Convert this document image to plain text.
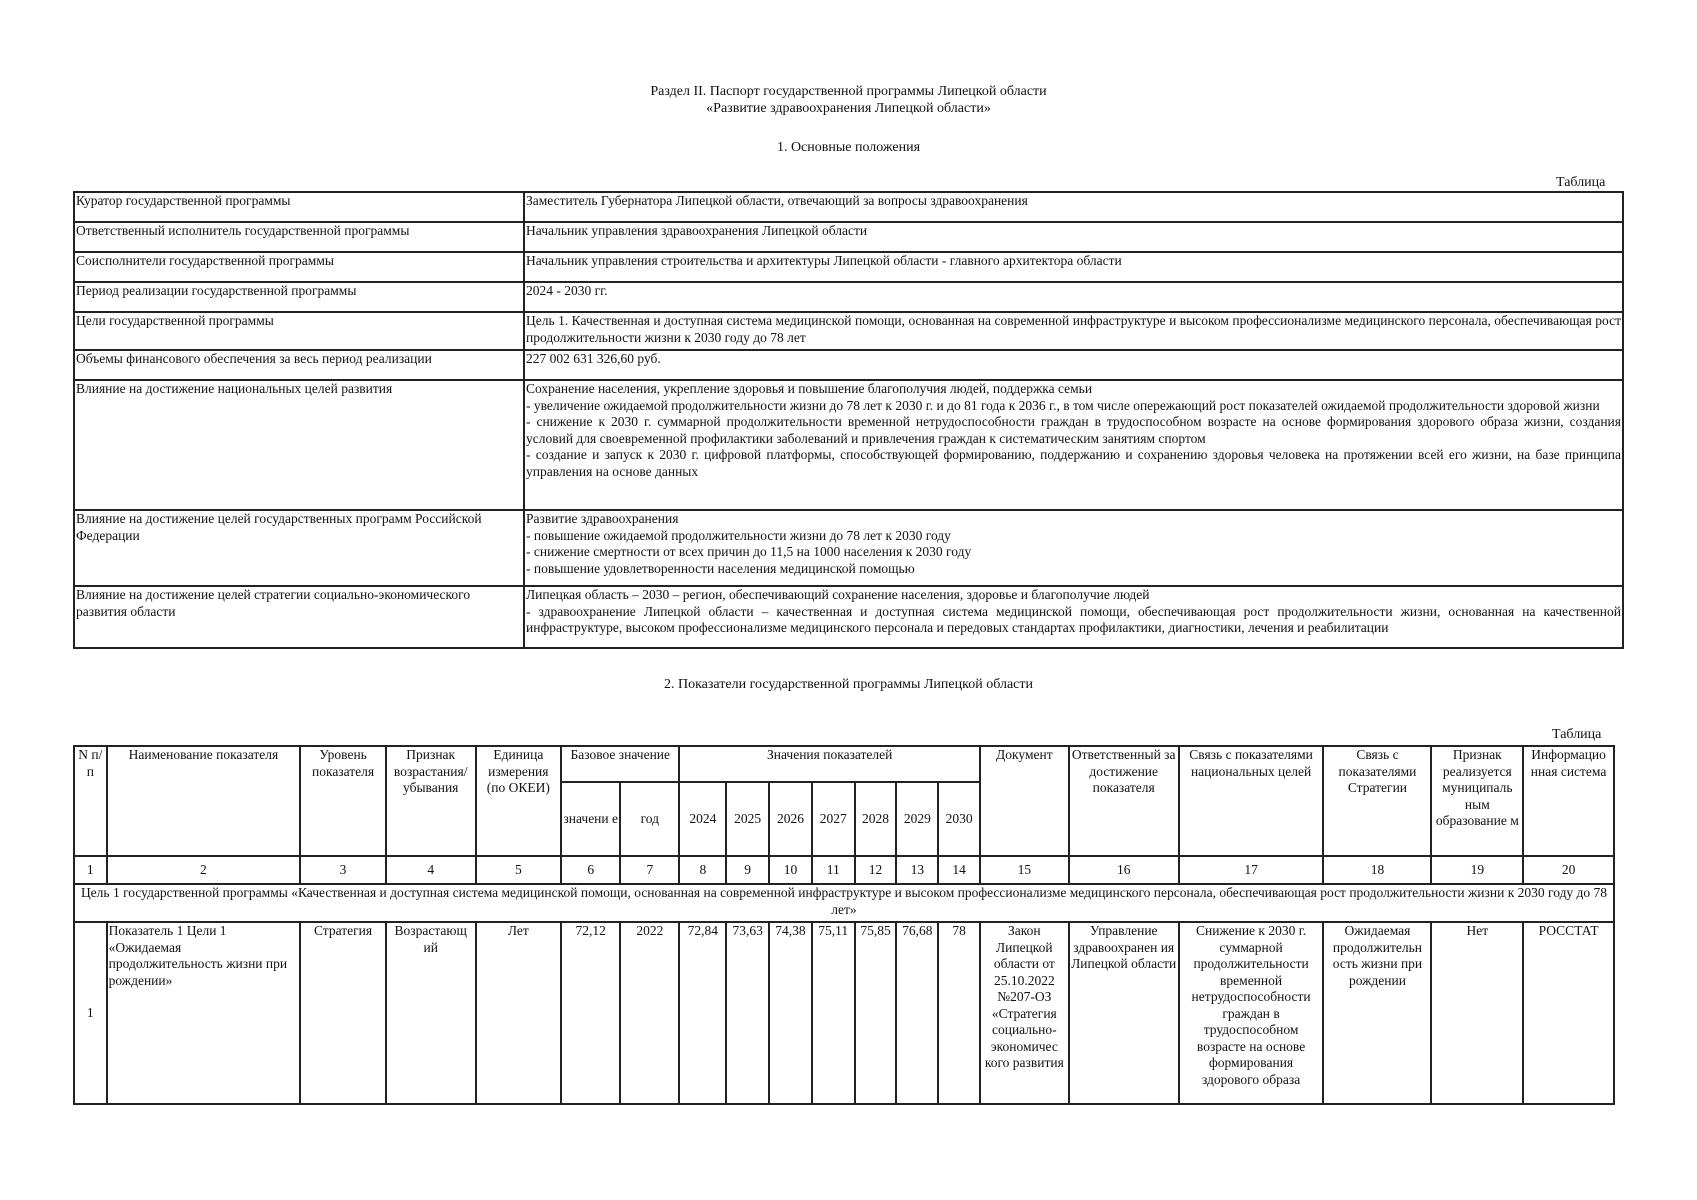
Раздел II. Паспорт государственной программы Липецкой области
«Развитие здравоохранения Липецкой области»
1. Основные положения
Таблица
Куратор государственной программы	Заместитель Губернатора Липецкой области, отвечающий за вопросы здравоохранения

Ответственный исполнитель государственной программы	Начальник управления здравоохранения Липецкой области

Соисполнители государственной программы	Начальник управления строительства и архитектуры Липецкой области - главного архитектора области

Период реализации государственной программы	2024 - 2030 гг.

Цели государственной программы	Цель 1. Качественная и доступная система медицинской помощи, основанная на современной инфраструктуре и высоком профессионализме медицинского персонала, обеспечивающая рост продолжительности жизни к 2030 году до 78 лет

Объемы финансового обеспечения за весь период реализации	227 002 631 326,60 руб.

Влияние на достижение национальных целей развития	Сохранение населения, укрепление здоровья и повышение благополучия людей, поддержка семьи
- увеличение ожидаемой продолжительности жизни до 78 лет к 2030 г. и до 81 года к 2036 г., в том числе опережающий рост показателей ожидаемой продолжительности здоровой жизни
- снижение к 2030 г. суммарной продолжительности временной нетрудоспособности граждан в трудоспособном возрасте на основе формирования здорового образа жизни, создания условий для своевременной профилактики заболеваний и привлечения граждан к систематическим занятиям спортом
- создание и запуск к 2030 г. цифровой платформы, способствующей формированию, поддержанию и сохранению здоровья человека на протяжении всей его жизни, на базе принципа управления на основе данных

Влияние на достижение целей государственных программ Российской Федерации	Развитие здравоохранения
- повышение ожидаемой продолжительности жизни до 78 лет к 2030 году
- снижение смертности от всех причин до 11,5 на 1000 населения к 2030 году
- повышение удовлетворенности населения медицинской помощью

Влияние на достижение целей стратегии социально-экономического развития области	Липецкая область – 2030 – регион, обеспечивающий сохранение населения, здоровье и благополучие людей
- здравоохранение Липецкой области – качественная и доступная система медицинской помощи, обеспечивающая рост продолжительности жизни, основанная на качественной инфраструктуре, высоком профессионализме медицинского персонала и передовых стандартах профилактики, диагностики, лечения и реабилитации
2. Показатели государственной программы Липецкой области
Таблица
N п/п	Наименование показателя	Уровень показателя	Признак возрастания/ убывания	Единица измерения (по ОКЕИ)	Базовое значение		Значения показателей							Документ	Ответственный за достижение показателя	Связь с показателями национальных целей	Связь с показателями Стратегии	Признак реализуется муниципаль ным образование м	Информацио нная система
					значени е	год	2024	2025	2026	2027	2028	2029	2030						
1	2	3	4	5	6	7	8	9	10	11	12	13	14	15	16	17	18	19	20
Цель 1 государственной программы «Качественная и доступная система медицинской помощи, основанная на современной инфраструктуре и высоком профессионализме медицинского персонала, обеспечивающая рост продолжительности жизни к 2030 году до 78 лет»																			
1	Показатель 1 Цели 1 «Ожидаемая продолжительность жизни при рождении»	Стратегия	Возрастающ ий	Лет	72,12	2022	72,84	73,63	74,38	75,11	75,85	76,68	78	Закон Липецкой области от 25.10.2022 №207-ОЗ «Стратегия социально-экономичес кого развития	Управление здравоохранен ия Липецкой области	Снижение к 2030 г. суммарной продолжительности временной нетрудоспособности граждан в трудоспособном возрасте на основе формирования здорового образа	Ожидаемая продолжительн ость жизни при рождении	Нет	РОССТАТ
